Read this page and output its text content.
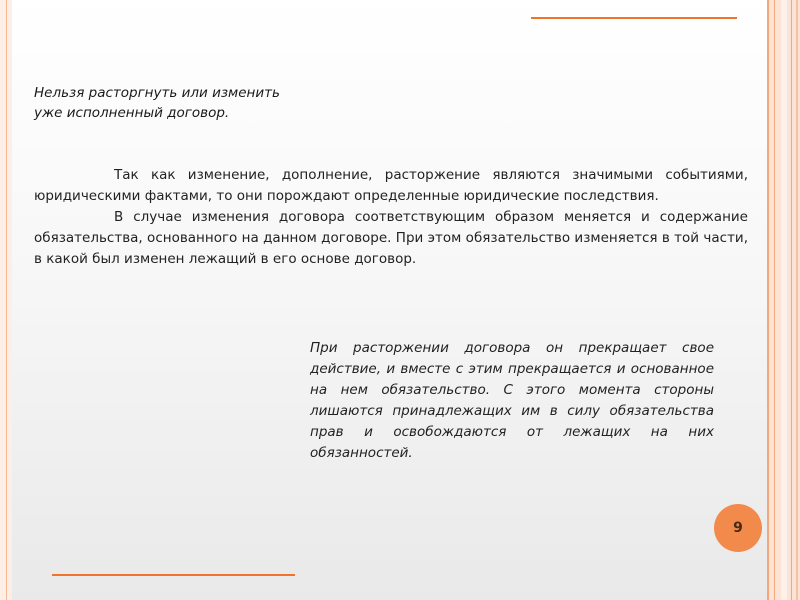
Нельзя расторгнуть или изменить
уже исполненный договор.

Так как изменение, дополнение, расторжение являются значимыми событиями, юридическими фактами, то они порождают определенные юридические последствия.

В случае изменения договора соответствующим образом меняется и содержание обязательства, основанного на данном договоре. При этом обязательство изменяется в той части, в какой был изменен лежащий в его основе договор.

При расторжении договора он прекращает свое действие, и вместе с этим прекращается и основанное на нем обязательство. С этого момента стороны лишаются принадлежащих им в силу обязательства прав и освобождаются от лежащих на них обязанностей.

9
